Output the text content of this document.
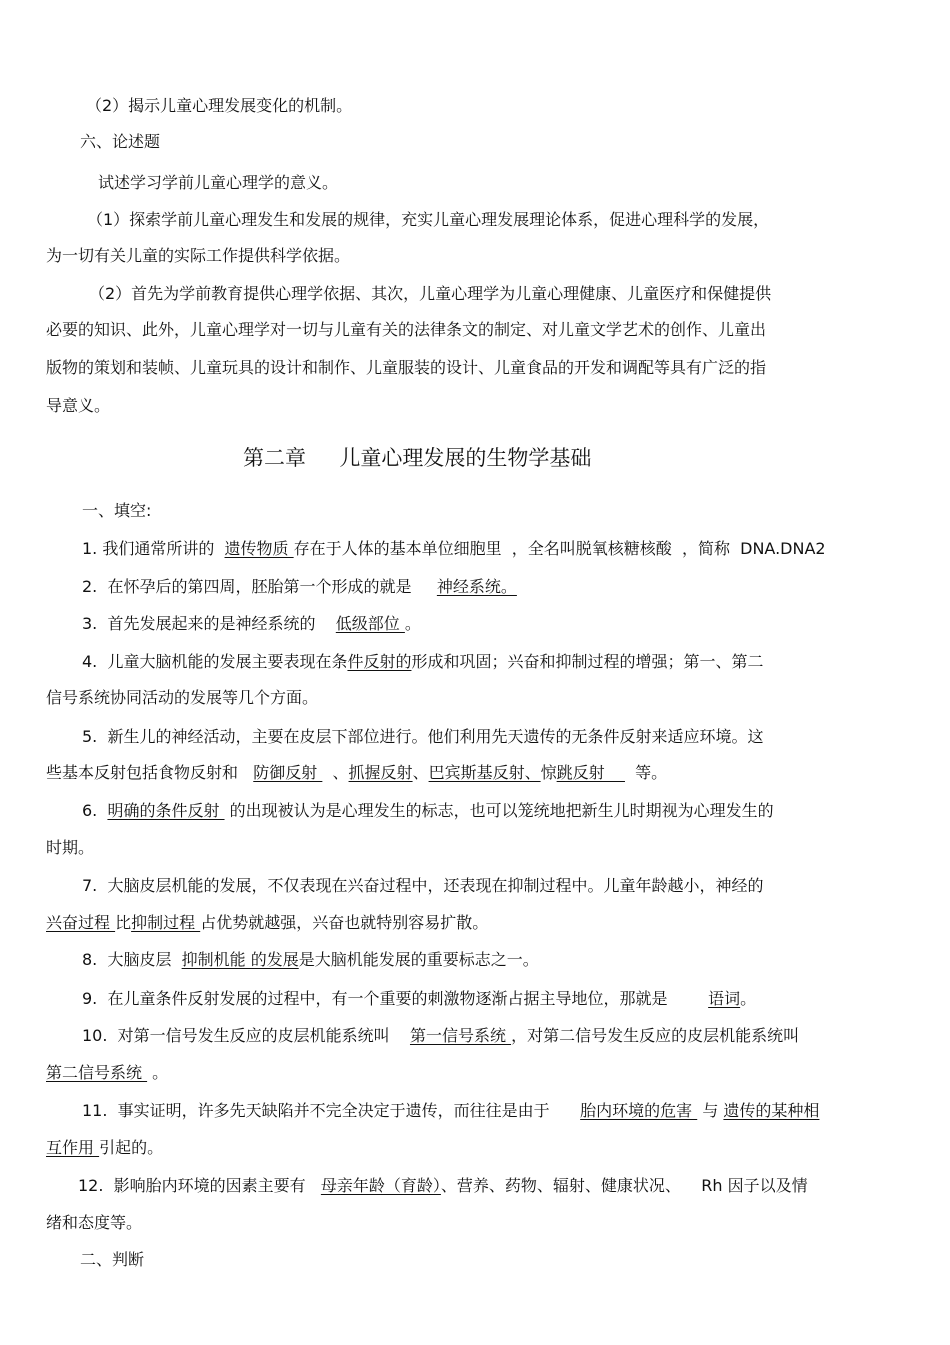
（2）揭示儿童心理发展变化的机制。
六、论述题
试述学习学前儿童心理学的意义。
（1）探索学前儿童心理发生和发展的规律，充实儿童心理发展理论体系，促进心理科学的发展，
为一切有关儿童的实际工作提供科学依据。
（2）首先为学前教育提供心理学依据、其次，儿童心理学为儿童心理健康、儿童医疗和保健提供
必要的知识、此外，儿童心理学对一切与儿童有关的法律条文的制定、对儿童文学艺术的创作、儿童出
版物的策划和装帧、儿童玩具的设计和制作、儿童服装的设计、儿童食品的开发和调配等具有广泛的指
导意义。
第二章 儿童心理发展的生物学基础
一、填空:
1. 我们通常所讲的  遗传物质 存在于人体的基本单位细胞里  ，全名叫脱氧核糖核酸  ，简称  DNA.DNA2
2.  在怀孕后的第四周，胚胎第一个形成的就是     神经系统。
3.  首先发展起来的是神经系统的    低级部位 。
4.  儿童大脑机能的发展主要表现在条件反射的形成和巩固；兴奋和抑制过程的增强；第一、第二
信号系统协同活动的发展等几个方面。
5.  新生儿的神经活动，主要在皮层下部位进行。他们利用先天遗传的无条件反射来适应环境。这
些基本反射包括食物反射和   防御反射   、抓握反射、巴宾斯基反射、惊跳反射      等。
6.  明确的条件反射  的出现被认为是心理发生的标志，也可以笼统地把新生儿时期视为心理发生的
时期。
7.  大脑皮层机能的发展，不仅表现在兴奋过程中，还表现在抑制过程中。儿童年龄越小，神经的
兴奋过程 比抑制过程 占优势就越强，兴奋也就特别容易扩散。
8.  大脑皮层  抑制机能 的发展是大脑机能发展的重要标志之一。
9.  在儿童条件反射发展的过程中，有一个重要的刺激物逐渐占据主导地位，那就是        语词。
10.  对第一信号发生反应的皮层机能系统叫    第一信号系统 ，对第二信号发生反应的皮层机能系统叫
第二信号系统  。
11.  事实证明，许多先天缺陷并不完全决定于遗传，而往往是由于      胎内环境的危害  与 遗传的某种相
互作用 引起的。
12.  影响胎内环境的因素主要有   母亲年龄（育龄）、营养、药物、辐射、健康状况、    Rh 因子以及情
绪和态度等。
二、判断
